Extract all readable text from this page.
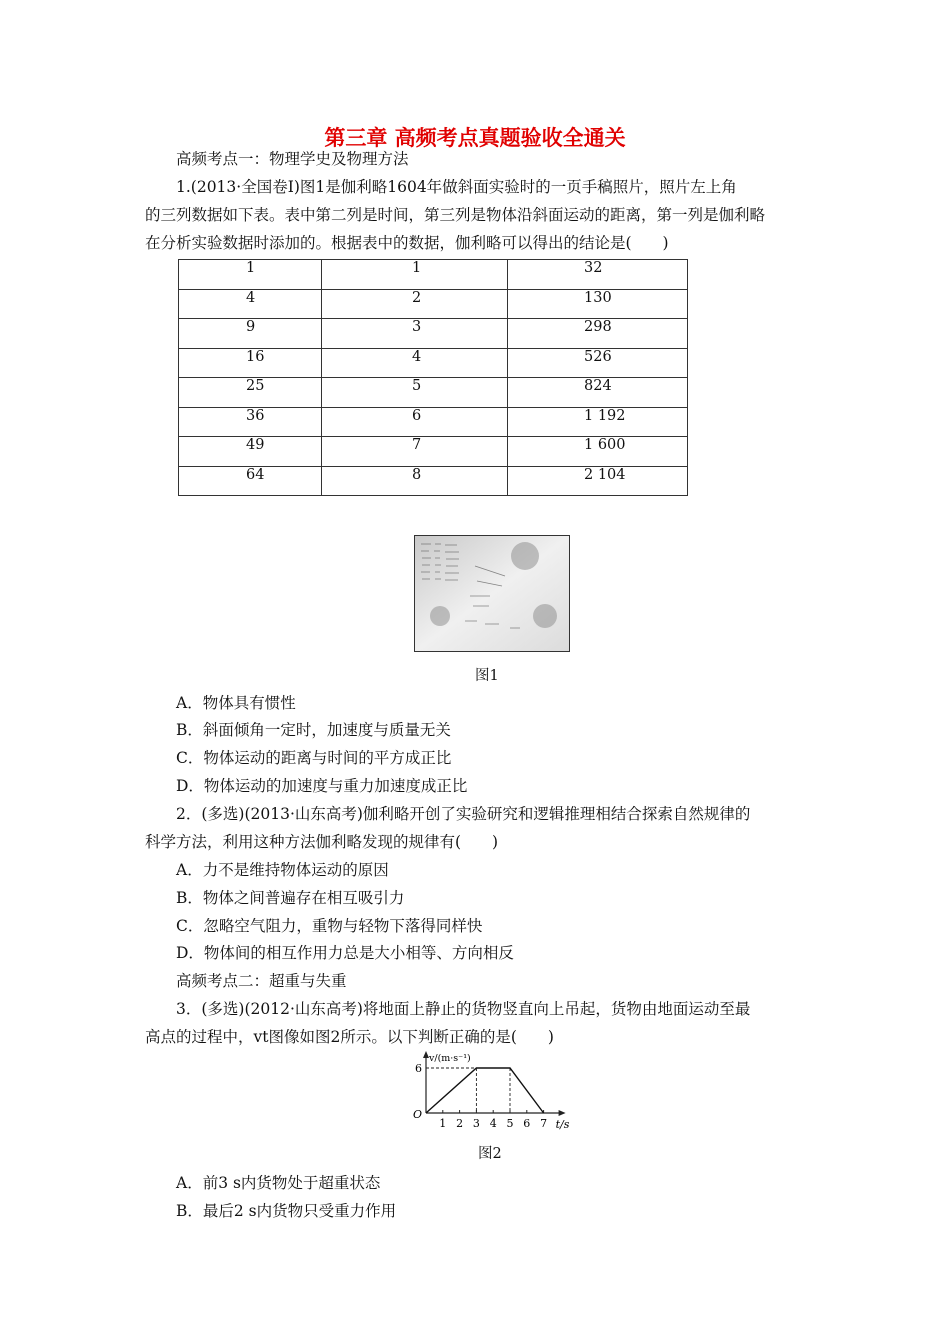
第三章 高频考点真题验收全通关
高频考点一：物理学史及物理方法
1.(2013·全国卷Ⅰ)图1是伽利略1604年做斜面实验时的一页手稿照片，照片左上角
的三列数据如下表。表中第二列是时间，第三列是物体沿斜面运动的距离，第一列是伽利略
在分析实验数据时添加的。根据表中的数据，伽利略可以得出的结论是(　　)
1	1	32
4	2	130
9	3	298
16	4	526
25	5	824
36	6	1 192
49	7	1 600
64	8	2 104
图1
A．物体具有惯性
B．斜面倾角一定时，加速度与质量无关
C．物体运动的距离与时间的平方成正比
D．物体运动的加速度与重力加速度成正比
2．(多选)(2013·山东高考)伽利略开创了实验研究和逻辑推理相结合探索自然规律的
科学方法，利用这种方法伽利略发现的规律有(　　)
A．力不是维持物体运动的原因
B．物体之间普遍存在相互吸引力
C．忽略空气阻力，重物与轻物下落得同样快
D．物体间的相互作用力总是大小相等、方向相反
高频考点二：超重与失重
3．(多选)(2012·山东高考)将地面上静止的货物竖直向上吊起，货物由地面运动至最
高点的过程中，vt图像如图2所示。以下判断正确的是(　　)
1 2 3 4 5 6 7
6
O
t/s
v/(m·s⁻¹)
图2
A．前3 s内货物处于超重状态
B．最后2 s内货物只受重力作用
